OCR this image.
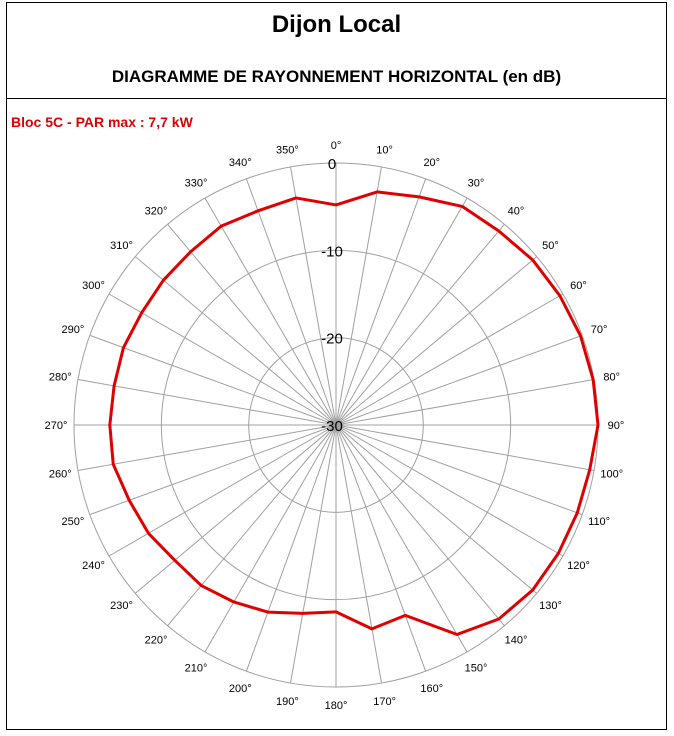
Dijon Local
DIAGRAMME DE RAYONNEMENT HORIZONTAL (en dB)
Bloc 5C - PAR max : 7,7 kW
0°	10°
20°
30°
40°
50°
60°
70°
80°
90°
100°
110°
120°
130°
140°
150°
160°
170°
180°
190°
200°
210°
220°
230°
240°
250°
260°
270°
280°
290°
300°
310°
320°
330°
340°
350°
0
-10
-20
-30
